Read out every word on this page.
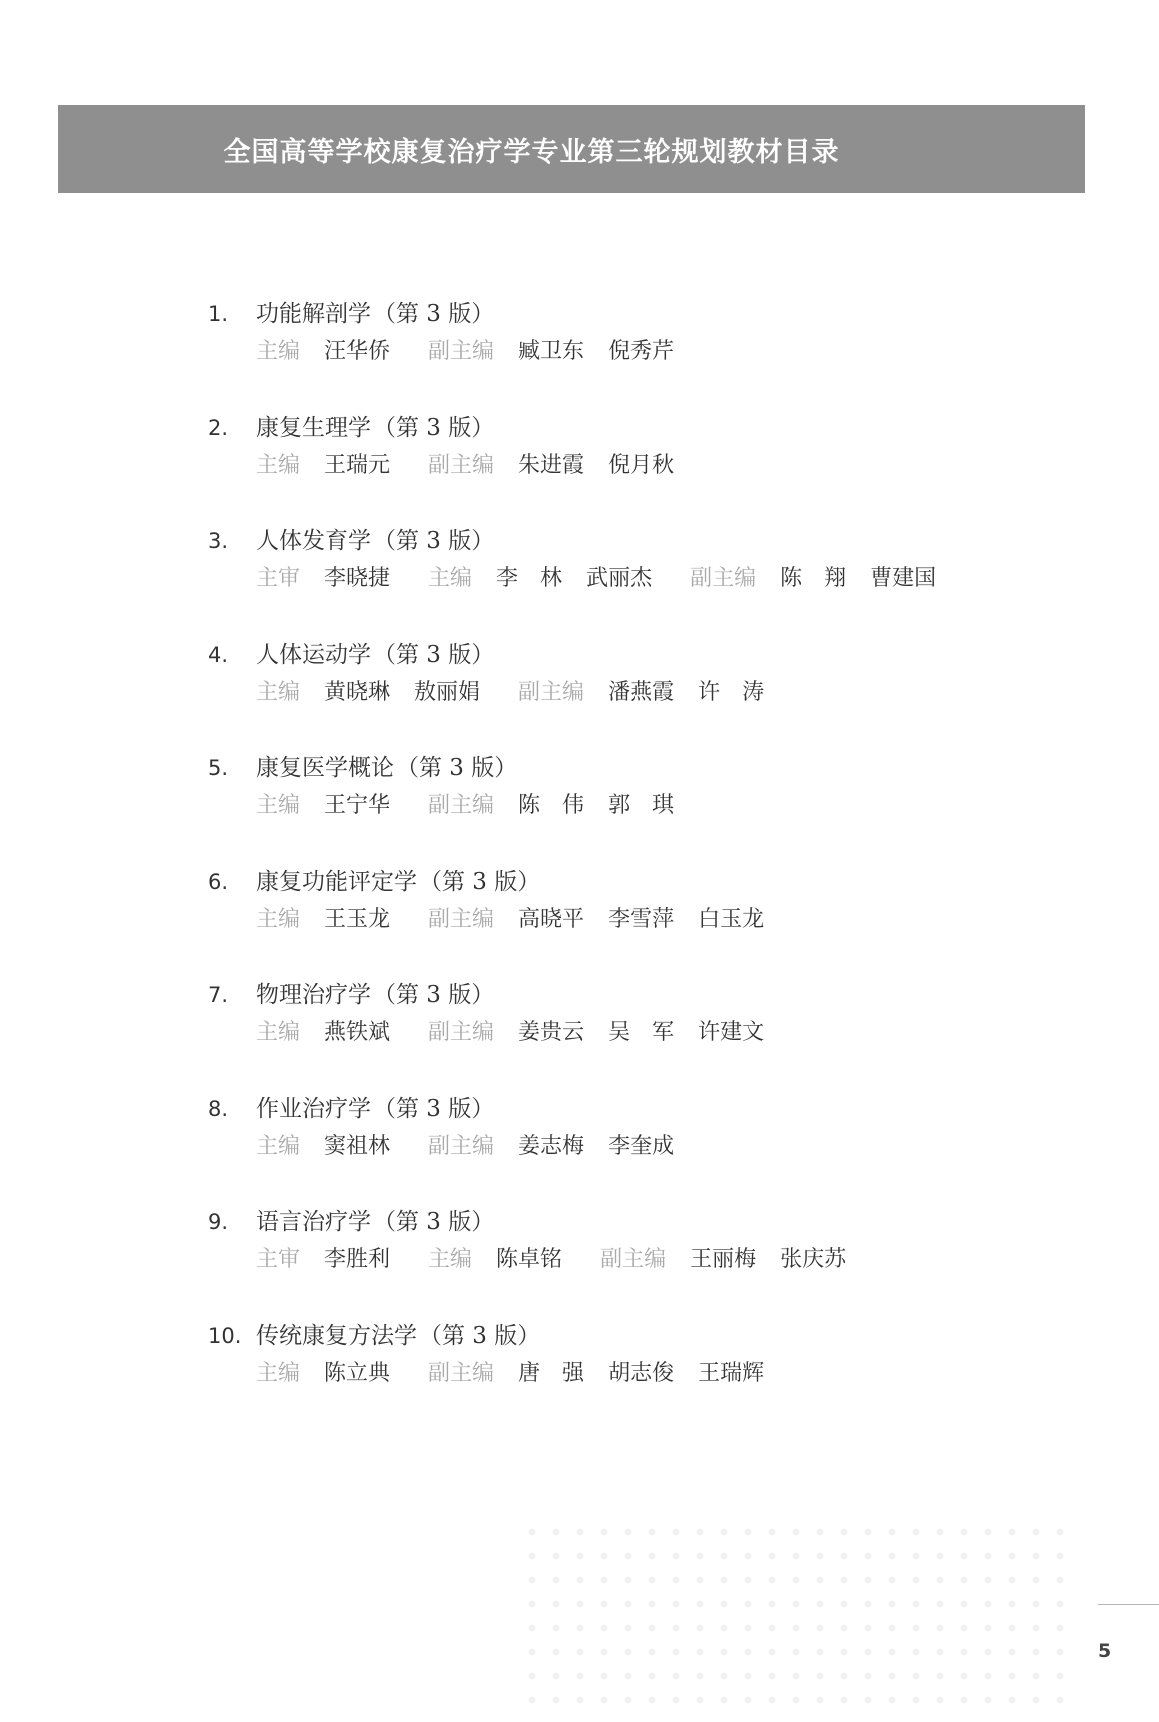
全国高等学校康复治疗学专业第三轮规划教材目录
1.	功能解剖学 （第 3 版）
主编 汪华侨 副主编 臧卫东 倪秀芹
2.	康复生理学 （第 3 版）
主编 王瑞元 副主编 朱进霞 倪月秋
3.	人体发育学 （第 3 版）
主审 李晓捷 主编 李　林 武丽杰 副主编 陈　翔 曹建国
4.	人体运动学 （第 3 版）
主编 黄晓琳 敖丽娟 副主编 潘燕霞 许　涛
5.	康复医学概论 （第 3 版）
主编 王宁华 副主编 陈　伟 郭　琪
6.	康复功能评定学 （第 3 版）
主编 王玉龙 副主编 高晓平 李雪萍 白玉龙
7.	物理治疗学 （第 3 版）
主编 燕铁斌 副主编 姜贵云 吴　军 许建文
8.	作业治疗学 （第 3 版）
主编 窦祖林 副主编 姜志梅 李奎成
9.	语言治疗学 （第 3 版）
主审 李胜利 主编 陈卓铭 副主编 王丽梅 张庆苏
10. 传统康复方法学 （第 3 版）
主编 陈立典 副主编 唐　强 胡志俊 王瑞辉
5
